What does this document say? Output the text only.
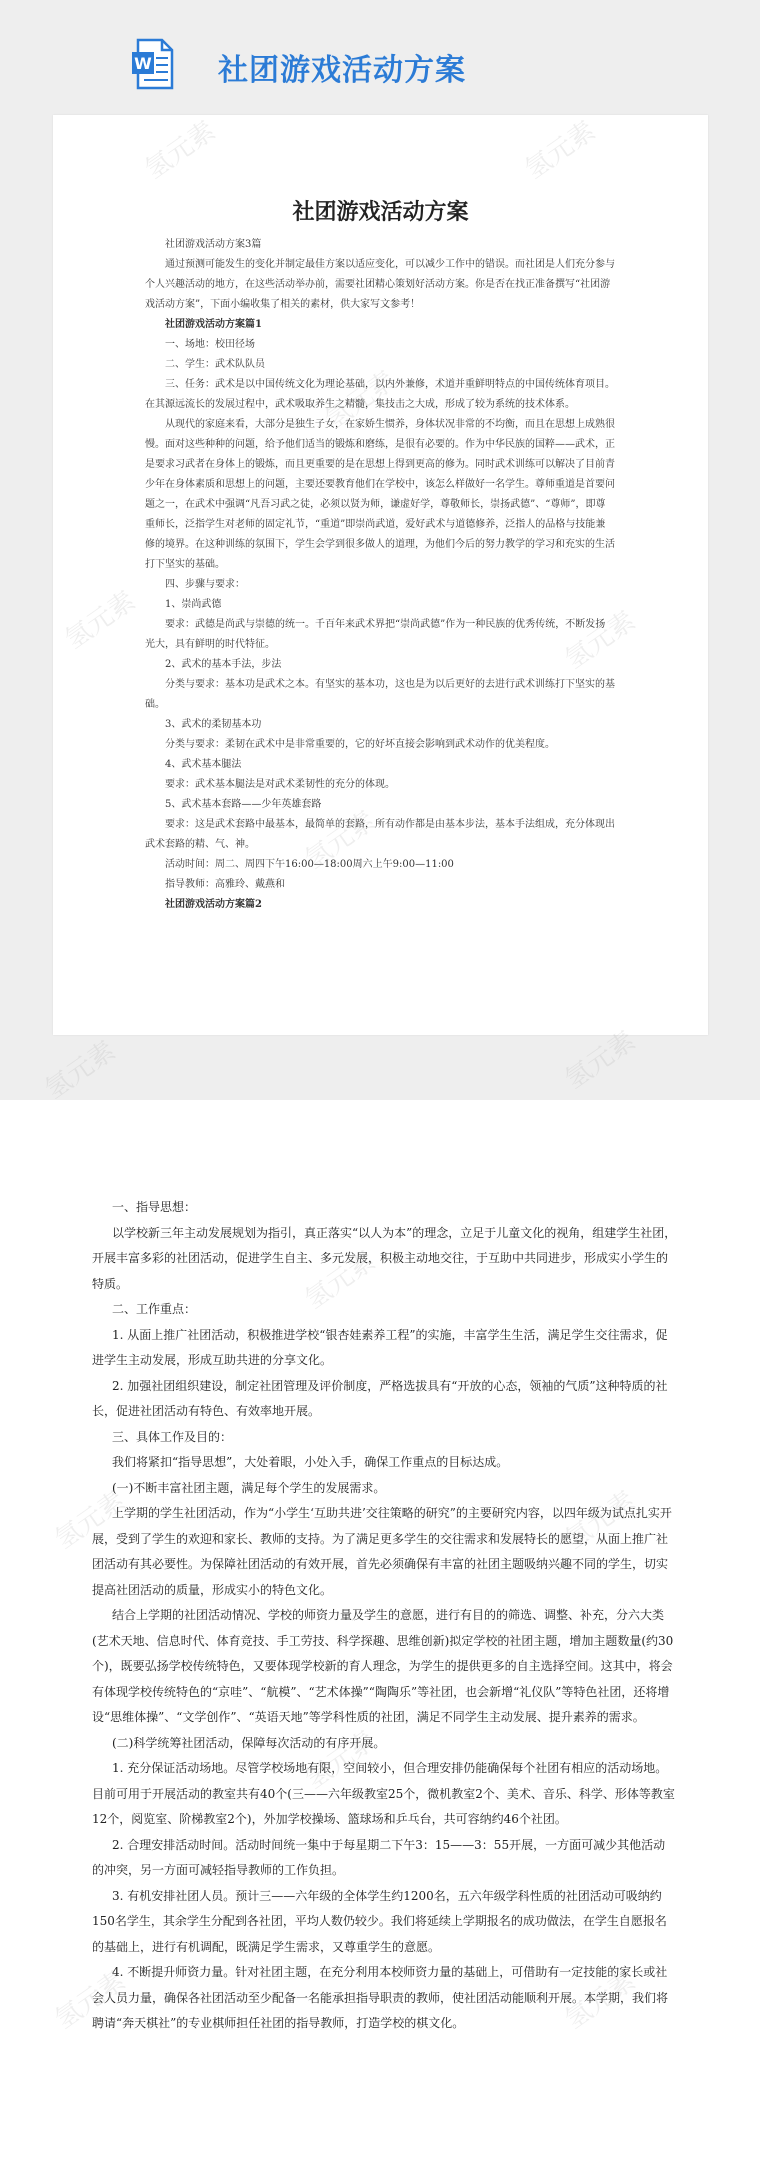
W 社团游戏活动方案
社团游戏活动方案

社团游戏活动方案3篇

通过预测可能发生的变化并制定最佳方案以适应变化，可以减少工作中的错误。而社团是人们充分参与个人兴趣活动的地方，在这些活动举办前，需要社团精心策划好活动方案。你是否在找正准备撰写“社团游戏活动方案”，下面小编收集了相关的素材，供大家写文参考！

社团游戏活动方案篇1

一、场地：校田径场

二、学生：武术队队员

三、任务：武术是以中国传统文化为理论基础，以内外兼修，术道并重鲜明特点的中国传统体育项目。在其源远流长的发展过程中，武术吸取养生之精髓，集技击之大成，形成了较为系统的技术体系。

从现代的家庭来看，大部分是独生子女，在家娇生惯养，身体状况非常的不均衡，而且在思想上成熟很慢。面对这些种种的问题，给予他们适当的锻炼和磨练，是很有必要的。作为中华民族的国粹——武术，正是要求习武者在身体上的锻炼，而且更重要的是在思想上得到更高的修为。同时武术训练可以解决了目前青少年在身体素质和思想上的问题，主要还要教育他们在学校中，该怎么样做好一名学生。尊师重道是首要问题之一，在武术中强调“凡吾习武之徒，必须以贤为师，谦虚好学，尊敬师长，崇扬武德”、“尊师”，即尊重师长，泛指学生对老师的固定礼节，“重道”即崇尚武道，爱好武术与道德修养，泛指人的品格与技能兼修的境界。在这种训练的氛围下，学生会学到很多做人的道理，为他们今后的努力教学的学习和充实的生活打下坚实的基础。

四、步骤与要求：

1、崇尚武德

要求：武德是尚武与崇德的统一。千百年来武术界把“崇尚武德”作为一种民族的优秀传统，不断发扬光大，具有鲜明的时代特征。

2、武术的基本手法，步法

分类与要求：基本功是武术之本。有坚实的基本功，这也是为以后更好的去进行武术训练打下坚实的基础。

3、武术的柔韧基本功

分类与要求：柔韧在武术中是非常重要的，它的好坏直接会影响到武术动作的优美程度。

4、武术基本腿法

要求：武术基本腿法是对武术柔韧性的充分的体现。

5、武术基本套路——少年英雄套路

要求：这是武术套路中最基本，最简单的套路，所有动作都是由基本步法，基本手法组成，充分体现出武术套路的精、气、神。

活动时间：周二、周四下午16:00—18:00周六上午9:00—11:00

指导教师：高雅玲、戴燕和

社团游戏活动方案篇2

一、指导思想：

以学校新三年主动发展规划为指引，真正落实“以人为本”的理念，立足于儿童文化的视角，组建学生社团，开展丰富多彩的社团活动，促进学生自主、多元发展，积极主动地交往，于互助中共同进步，形成实小学生的特质。

二、工作重点：

1. 从面上推广社团活动，积极推进学校“银杏娃素养工程”的实施，丰富学生生活，满足学生交往需求，促进学生主动发展，形成互助共进的分享文化。

2. 加强社团组织建设，制定社团管理及评价制度，严格选拔具有“开放的心态，领袖的气质”这种特质的社长，促进社团活动有特色、有效率地开展。

三、具体工作及目的：

我们将紧扣“指导思想”，大处着眼，小处入手，确保工作重点的目标达成。

(一)不断丰富社团主题，满足每个学生的发展需求。

上学期的学生社团活动，作为“小学生‘互助共进’交往策略的研究”的主要研究内容，以四年级为试点扎实开展，受到了学生的欢迎和家长、教师的支持。为了满足更多学生的交往需求和发展特长的愿望，从面上推广社团活动有其必要性。为保障社团活动的有效开展，首先必须确保有丰富的社团主题吸纳兴趣不同的学生，切实提高社团活动的质量，形成实小的特色文化。

结合上学期的社团活动情况、学校的师资力量及学生的意愿，进行有目的的筛选、调整、补充，分六大类(艺术天地、信息时代、体育竞技、手工劳技、科学探趣、思维创新)拟定学校的社团主题，增加主题数量(约30个)，既要弘扬学校传统特色，又要体现学校新的育人理念，为学生的提供更多的自主选择空间。这其中，将会有体现学校传统特色的“京哇”、“航模”、“艺术体操”“陶陶乐”等社团，也会新增“礼仪队”等特色社团，还将增设“思维体操”、“文学创作”、“英语天地”等学科性质的社团，满足不同学生主动发展、提升素养的需求。

(二)科学统筹社团活动，保障每次活动的有序开展。

1. 充分保证活动场地。尽管学校场地有限，空间较小，但合理安排仍能确保每个社团有相应的活动场地。目前可用于开展活动的教室共有40个(三——六年级教室25个，微机教室2个、美术、音乐、科学、形体等教室12个，阅览室、阶梯教室2个)，外加学校操场、篮球场和乒乓台，共可容纳约46个社团。

2. 合理安排活动时间。活动时间统一集中于每星期二下午3：15——3：55开展，一方面可减少其他活动的冲突，另一方面可减轻指导教师的工作负担。

3. 有机安排社团人员。预计三——六年级的全体学生约1200名，五六年级学科性质的社团活动可吸纳约150名学生，其余学生分配到各社团，平均人数仍较少。我们将延续上学期报名的成功做法，在学生自愿报名的基础上，进行有机调配，既满足学生需求，又尊重学生的意愿。

4. 不断提升师资力量。针对社团主题，在充分利用本校师资力量的基础上，可借助有一定技能的家长或社会人员力量，确保各社团活动至少配备一名能承担指导职责的教师，使社团活动能顺利开展。本学期，我们将聘请“奔天棋社”的专业棋师担任社团的指导教师，打造学校的棋文化。
